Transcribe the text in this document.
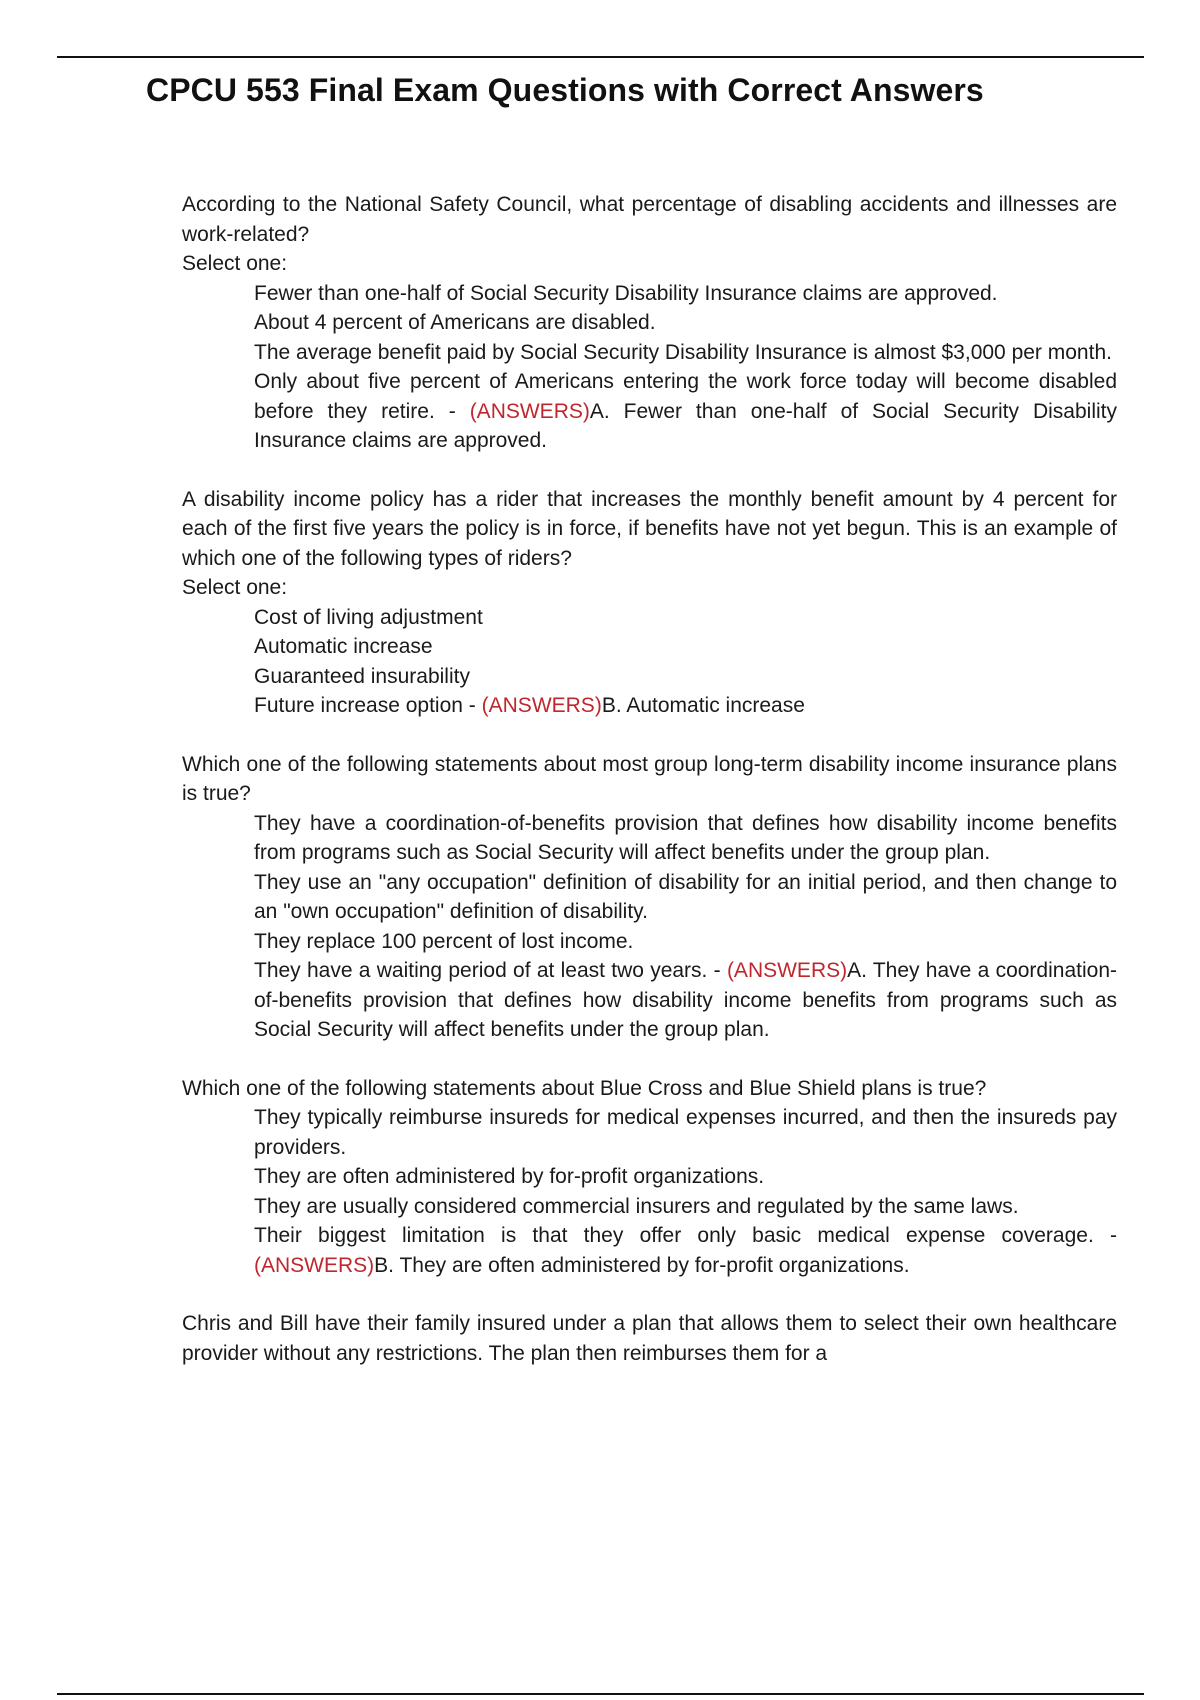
CPCU 553 Final Exam Questions with Correct Answers
According to the National Safety Council, what percentage of disabling accidents and illnesses are work-related?
Select one:
Fewer than one-half of Social Security Disability Insurance claims are approved.
About 4 percent of Americans are disabled.
The average benefit paid by Social Security Disability Insurance is almost $3,000 per month.
Only about five percent of Americans entering the work force today will become disabled before they retire. - (ANSWERS)A. Fewer than one-half of Social Security Disability Insurance claims are approved.
A disability income policy has a rider that increases the monthly benefit amount by 4 percent for each of the first five years the policy is in force, if benefits have not yet begun. This is an example of which one of the following types of riders?
Select one:
Cost of living adjustment
Automatic increase
Guaranteed insurability
Future increase option - (ANSWERS)B. Automatic increase
Which one of the following statements about most group long-term disability income insurance plans is true?
They have a coordination-of-benefits provision that defines how disability income benefits from programs such as Social Security will affect benefits under the group plan.
They use an "any occupation" definition of disability for an initial period, and then change to an "own occupation" definition of disability.
They replace 100 percent of lost income.
They have a waiting period of at least two years. - (ANSWERS)A. They have a coordination-of-benefits provision that defines how disability income benefits from programs such as Social Security will affect benefits under the group plan.
Which one of the following statements about Blue Cross and Blue Shield plans is true?
They typically reimburse insureds for medical expenses incurred, and then the insureds pay providers.
They are often administered by for-profit organizations.
They are usually considered commercial insurers and regulated by the same laws.
Their biggest limitation is that they offer only basic medical expense coverage. - (ANSWERS)B. They are often administered by for-profit organizations.
Chris and Bill have their family insured under a plan that allows them to select their own healthcare provider without any restrictions. The plan then reimburses them for a
